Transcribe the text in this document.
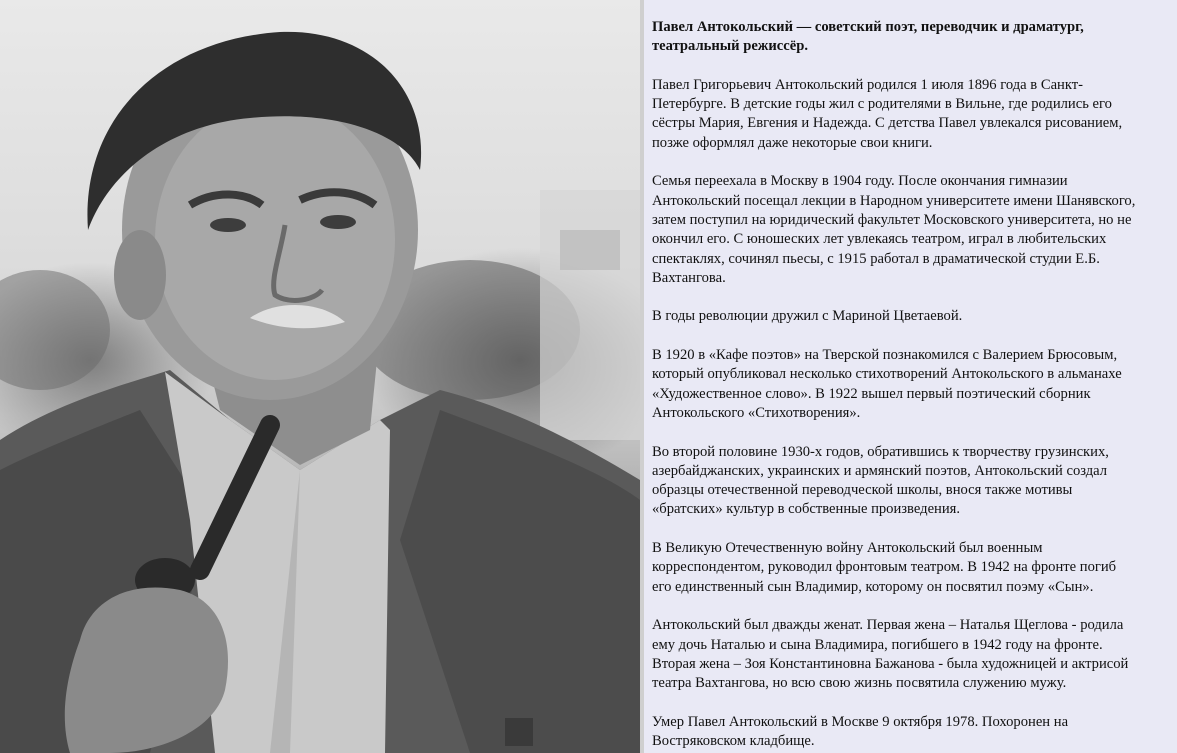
Павел Антокольский — советский поэт, переводчик и драматург,
театральный режиссёр.

Павел Григорьевич Антокольский родился 1 июля 1896 года в Санкт-
Петербурге. В детские годы жил с родителями в Вильне, где родились его
сёстры Мария, Евгения и Надежда. С детства Павел увлекался рисованием,
позже оформлял даже некоторые свои книги.

Семья переехала в Москву в 1904 году. После окончания гимназии
Антокольский посещал лекции в Народном университете имени Шанявского,
затем поступил на юридический факультет Московского университета, но не
окончил его. С юношеских лет увлекаясь театром, играл в любительских
спектаклях, сочинял пьесы, с 1915 работал в драматической студии Е.Б.
Вахтангова.

В годы революции дружил с Мариной Цветаевой.

В 1920 в «Кафе поэтов» на Тверской познакомился с Валерием Брюсовым,
который опубликовал несколько стихотворений Антокольского в альманахе
«Художественное слово». В 1922 вышел первый поэтический сборник
Антокольского «Стихотворения».

Во второй половине 1930-х годов, обратившись к творчеству грузинских,
азербайджанских, украинских и армянский поэтов, Антокольский создал
образцы отечественной переводческой школы, внося также мотивы
«братских» культур в собственные произведения.

В Великую Отечественную войну Антокольский был военным
корреспондентом, руководил фронтовым театром. В 1942 на фронте погиб
его единственный сын Владимир, которому он посвятил поэму «Сын».

Антокольский был дважды женат. Первая жена – Наталья Щеглова - родила
ему дочь Наталью и сына Владимира, погибшего в 1942 году на фронте.
Вторая жена – Зоя Константиновна Бажанова - была художницей и актрисой
театра Вахтангова, но всю свою жизнь посвятила служению мужу.

Умер Павел Антокольский в Москве 9 октября 1978. Похоронен на
Востряковском кладбище.
